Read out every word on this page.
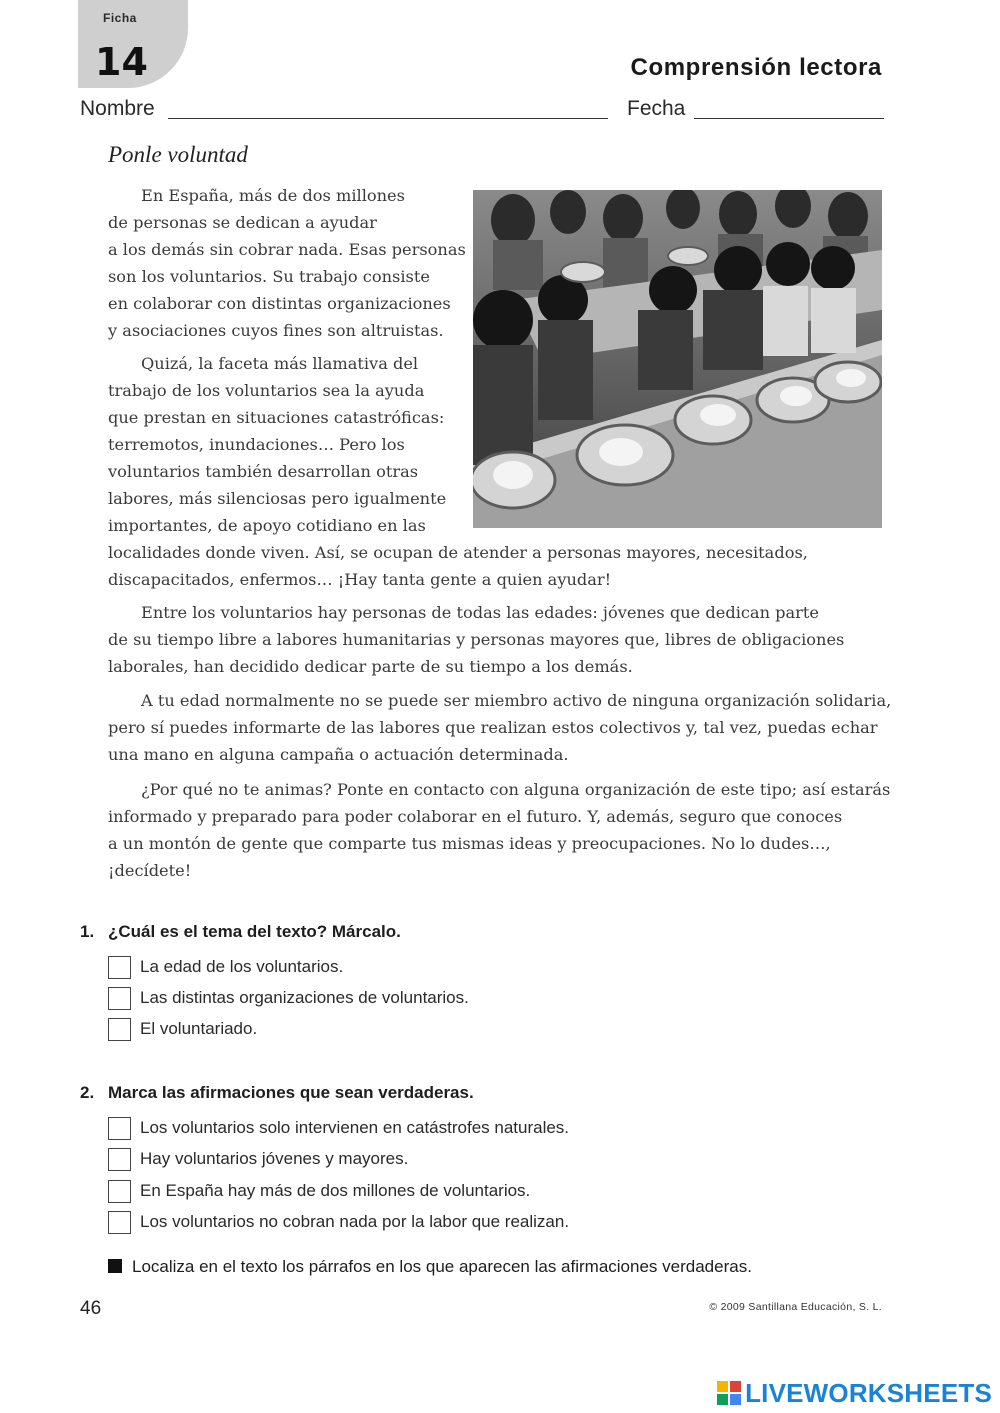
Ficha
14	Comprensión lectora
Nombre	Fecha
Ponle voluntad
En España, más de dos millones
de personas se dedican a ayudar
a los demás sin cobrar nada. Esas personas
son los voluntarios. Su trabajo consiste
en colaborar con distintas organizaciones
y asociaciones cuyos fines son altruistas.
Quizá, la faceta más llamativa del
trabajo de los voluntarios sea la ayuda
que prestan en situaciones catastróficas:
terremotos, inundaciones… Pero los
voluntarios también desarrollan otras
labores, más silenciosas pero igualmente
importantes, de apoyo cotidiano en las
localidades donde viven. Así, se ocupan de atender a personas mayores, necesitados,
discapacitados, enfermos… ¡Hay tanta gente a quien ayudar!
Entre los voluntarios hay personas de todas las edades: jóvenes que dedican parte
de su tiempo libre a labores humanitarias y personas mayores que, libres de obligaciones
laborales, han decidido dedicar parte de su tiempo a los demás.
A tu edad normalmente no se puede ser miembro activo de ninguna organización solidaria,
pero sí puedes informarte de las labores que realizan estos colectivos y, tal vez, puedas echar
una mano en alguna campaña o actuación determinada.
¿Por qué no te animas? Ponte en contacto con alguna organización de este tipo; así estarás
informado y preparado para poder colaborar en el futuro. Y, además, seguro que conoces
a un montón de gente que comparte tus mismas ideas y preocupaciones. No lo dudes…,
¡decídete!
1. ¿Cuál es el tema del texto? Márcalo.
La edad de los voluntarios.
Las distintas organizaciones de voluntarios.
El voluntariado.
2. Marca las afirmaciones que sean verdaderas.
Los voluntarios solo intervienen en catástrofes naturales.
Hay voluntarios jóvenes y mayores.
En España hay más de dos millones de voluntarios.
Los voluntarios no cobran nada por la labor que realizan.
Localiza en el texto los párrafos en los que aparecen las afirmaciones verdaderas.
46	© 2009 Santillana Educación, S. L.
LIVEWORKSHEETS
